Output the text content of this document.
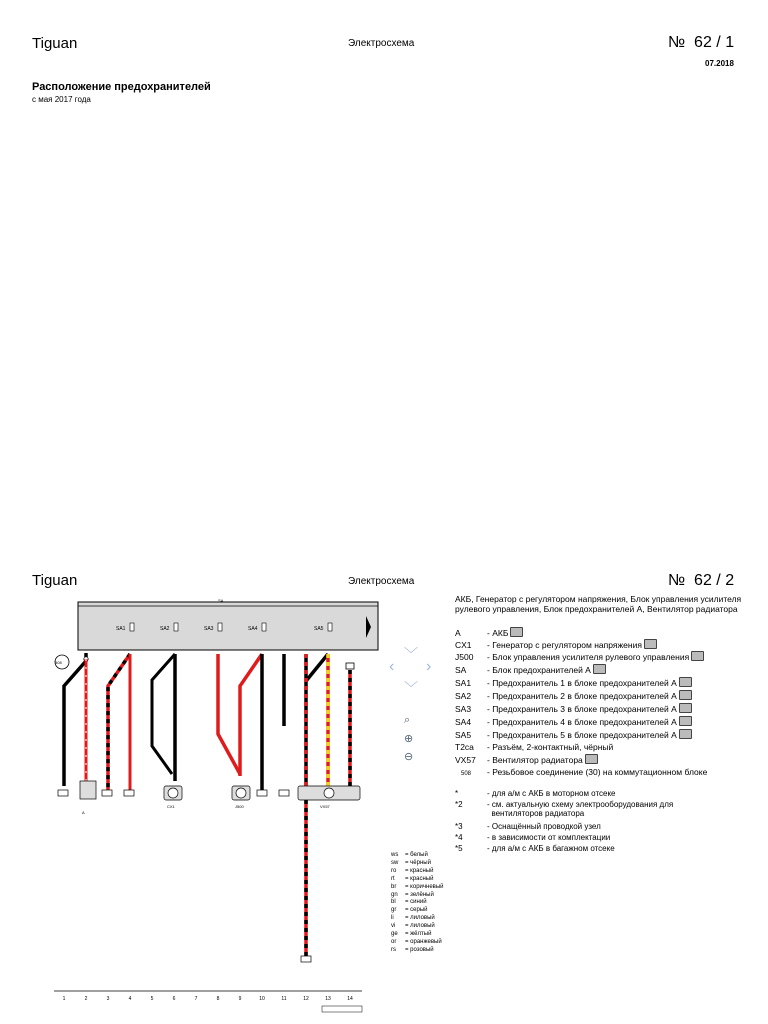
Tiguan	Электросхема	№  62 / 1
07.2018
Расположение предохранителей
с мая 2017 года
Tiguan	Электросхема	№  62 / 2
SA
SA1	SA2	SA3	SA4	SA5
A
CX1	J500	VX57
508
1	2	3	4	5	6	7	8	9	10	11	12	13	14
﹀
‹ ›
﹀
⌕
⊕
⊖
АКБ, Генератор с регулятором напряжения, Блок управления усилителя рулевого управления, Блок предохранителей А, Вентилятор радиатора
A	- АКБ
CX1 - Генератор с регулятором напряжения
J500 - Блок управления усилителя рулевого управления
SA - Блок предохранителей А
SA1 - Предохранитель 1 в блоке предохранителей А
SA2 - Предохранитель 2 в блоке предохранителей А
SA3 - Предохранитель 3 в блоке предохранителей А
SA4 - Предохранитель 4 в блоке предохранителей А
SA5 - Предохранитель 5 в блоке предохранителей А
T2ca - Разъём, 2-контактный, чёрный
VX57 - Вентилятор радиатора
508 - Резьбовое соединение (30) на коммутационном блоке
*	- для а/м с АКБ в моторном отсеке
*2	- см. актуальную схему электрооборудования для
вентиляторов радиатора
*3	- Оснащённый проводкой узел
*4	- в зависимости от комплектации
*5	- для а/м с АКБ в багажном отсеке
ws = белый
sw = чёрный
ro = красный
rt = красный
br = коричневый
gn = зелёный
bl = синий
gr = серый
li = лиловый
vi = лиловый
ge = жёлтый
or = оранжевый
rs = розовый
